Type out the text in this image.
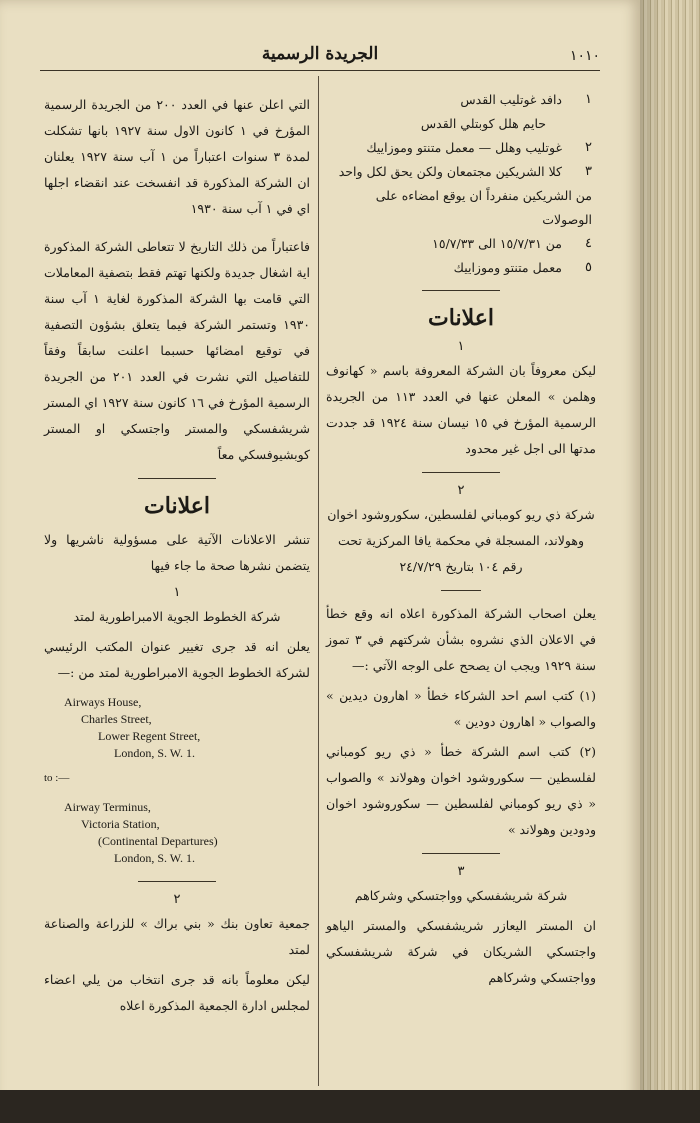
الجريدة الرسمية	١٠١٠
١
دافد غوتليب القدس
حايم هلل كوبتلي القدس
٢
غوتليب وهلل — معمل متنتو وموزاييك
٣
كلا الشريكين مجتمعان ولكن يحق لكل واحد
من الشريكين منفرداً ان يوقع امضاءه على الوصولات
٤
من ١٥/٧/٣١ الى ١٥/٧/٣٣
٥
معمل متنتو وموزاييك
اعلانات
١

ليكن معروفاً بان الشركة المعروفة باسم « كهانوف وهلمن » المعلن عنها في العدد ١١٣ من الجريدة الرسمية المؤرخ في ١٥ نيسان سنة ١٩٢٤ قد جددت مدتها الى اجل غير محدود

٢

شركة ذي ريو كومباني لفلسطين، سكوروشود اخوان وهولاند، المسجلة في محكمة يافا المركزية تحت رقم ١٠٤ بتاريخ ٢٤/٧/٢٩

يعلن اصحاب الشركة المذكورة اعلاه انه وقع خطأ في الاعلان الذي نشروه بشأن شركتهم في ٣ تموز سنة ١٩٢٩ ويجب ان يصحح على الوجه الآتي :—

(١) كتب اسم احد الشركاء خطأ « اهارون ديدين » والصواب « اهارون دودين »

(٢) كتب اسم الشركة خطأ « ذي ريو كومباني لفلسطين — سكوروشود اخوان وهولاند » والصواب « ذي ريو كومباني لفلسطين — سكوروشود اخوان ودودين وهولاند »

٣

شركة شريشفسكي وواجتسكي وشركاهم

ان المستر اليعازر شريشفسكي والمستر الياهو واجتسكي الشريكان في شركة شريشفسكي وواجتسكي وشركاهم

التي اعلن عنها في العدد ٢٠٠ من الجريدة الرسمية المؤرخ في ١ كانون الاول سنة ١٩٢٧ بانها تشكلت لمدة ٣ سنوات اعتباراً من ١ آب سنة ١٩٢٧ يعلنان ان الشركة المذكورة قد انفسخت عند انقضاء اجلها اي في ١ آب سنة ١٩٣٠

فاعتباراً من ذلك التاريخ لا تتعاطى الشركة المذكورة اية اشغال جديدة ولكنها تهتم فقط بتصفية المعاملات التي قامت بها الشركة المذكورة لغاية ١ آب سنة ١٩٣٠ وتستمر الشركة فيما يتعلق بشؤون التصفية في توقيع امضائها حسبما اعلنت سابقاً وفقاً للتفاصيل التي نشرت في العدد ٢٠١ من الجريدة الرسمية المؤرخ في ١٦ كانون سنة ١٩٢٧ اي المستر شريشفسكي والمستر واجتسكي او المستر كوبشيوفسكي معاً

اعلانات

تنشر الاعلانات الآتية على مسؤولية ناشريها ولا يتضمن نشرها صحة ما جاء فيها

١

شركة الخطوط الجوية الامبراطورية لمتد

يعلن انه قد جرى تغيير عنوان المكتب الرئيسي لشركة الخطوط الجوية الامبراطورية لمتد من :—

Airways House,
Charles Street,
Lower Regent Street,
London, S. W. 1.
to :—
Airway Terminus,
Victoria Station,
(Continental Departures)
London, S. W. 1.
٢

جمعية تعاون بنك « بني براك » للزراعة والصناعة لمتد

ليكن معلوماً بانه قد جرى انتخاب من يلي اعضاء لمجلس ادارة الجمعية المذكورة اعلاه
